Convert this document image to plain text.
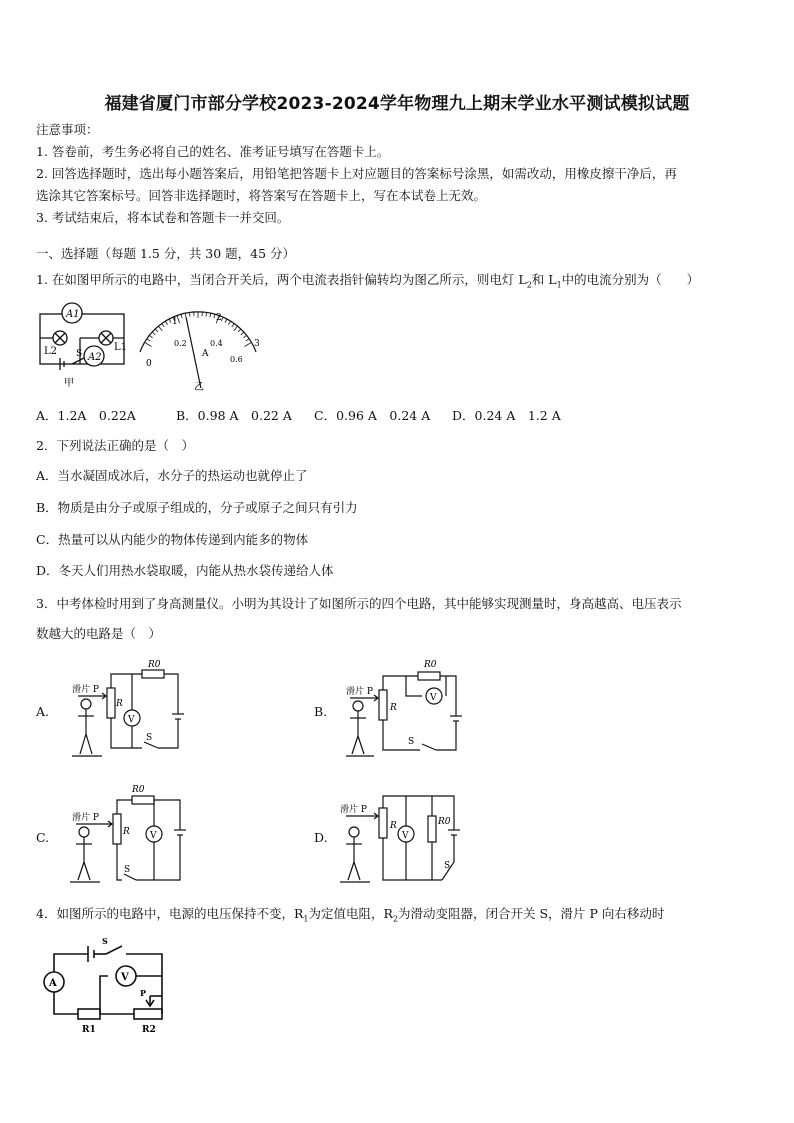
福建省厦门市部分学校2023-2024学年物理九上期末学业水平测试模拟试题
注意事项：
1. 答卷前，考生务必将自己的姓名、准考证号填写在答题卡上。
2. 回答选择题时，选出每小题答案后，用铅笔把答题卡上对应题目的答案标号涂黑，如需改动，用橡皮擦干净后，再
选涂其它答案标号。回答非选择题时，将答案写在答题卡上，写在本试卷上无效。
3. 考试结束后，将本试卷和答题卡一并交回。
一、选择题（每题 1.5 分，共 30 题，45 分）
1. 在如图甲所示的电路中，当闭合开关后，两个电流表指针偏转均为图乙所示，则电灯 $L_2$和 $L_1$中的电流分别为（　　）
A1
A2
L2	L1
S
甲
1	2
3
0
0.2	0.4
0.6
A
乙
A．1.2A　0.22A	B．0.98 A　0.22 A C．0.96 A　0.24 A D．0.24 A　1.2 A
2．下列说法正确的是（　）
A．当水凝固成冰后，水分子的热运动也就停止了
B．物质是由分子或原子组成的，分子或原子之间只有引力
C．热量可以从内能少的物体传递到内能多的物体
D．冬天人们用热水袋取暖，内能从热水袋传递给人体
3．中考体检时用到了身高测量仪。小明为其设计了如图所示的四个电路，其中能够实现测量时，身高越高、电压表示
数越大的电路是（　）
A.	B.
C.	D.
滑片 P
R
R0
V
S
滑片 P
R
R0
V
S
滑片 P
R
R0
V
S
滑片 P
R	R0
V
S
4．如图所示的电路中，电源的电压保持不变，$R_1$为定值电阻，$R_2$为滑动变阻器，闭合开关 S，滑片 P 向右移动时
S
A
V
P
R1	R2
